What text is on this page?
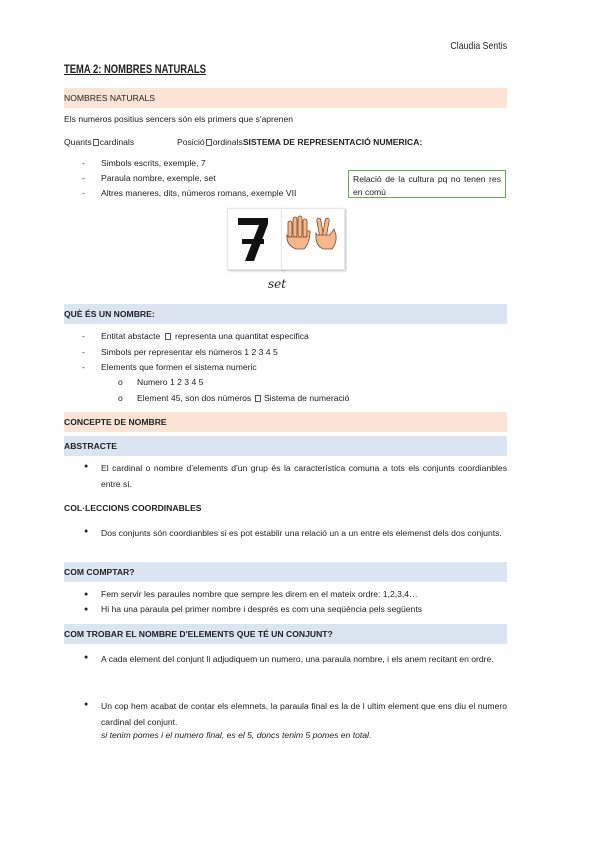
Claudia Sentis
TEMA 2: NOMBRES NATURALS
NOMBRES NATURALS
Els numeros positius sencers són els primers que s'aprenen
Quants cardinals	Posició ordinalsSISTEMA DE REPRESENTACIÓ NUMERICA:
- Simbols escrits, exemple, 7
- Paraula nombre, exemple, set
- Altres maneres, dits, números romans, exemple VII
Relació de la cultura pq no tenen res en comú
set
QUÈ ÉS UN NOMBRE:
- Entitat abstacte representa una quantitat especifica
- Simbols per representar els números 1 2 3 4 5
- Elements que formen el sistema numeric
o Numero 1 2 3 4 5
o Element 45, son dos números Sistema de numeració
CONCEPTE DE NOMBRE
ABSTRACTE
● El cardinal o nombre d'elements d'un grup és la característica comuna a tots els conjunts coordianbles entre sí.
COL·LECCIONS COORDINABLES
● Dos conjunts són coordianbles si es pot establir una relació un a un entre els elemenst dels dos conjunts.
COM COMPTAR?
● Fem servir les paraules nombre que sempre les direm en el mateix ordre: 1,2,3,4…
● Hi ha una paraula pel primer nombre i després es com una seqüència pels següents
COM TROBAR EL NOMBRE D'ELEMENTS QUE TÉ UN CONJUNT?
● A cada element del conjunt li adjudiquem un numero, una paraula nombre, i els anem recitant en ordre.
● Un cop hem acabat de contar els elemnets, la paraula final es la de l ultim element que ens diu el numero cardinal del conjunt.
si tenim pomes i el numero final, es el 5, doncs tenim 5 pomes en total.
